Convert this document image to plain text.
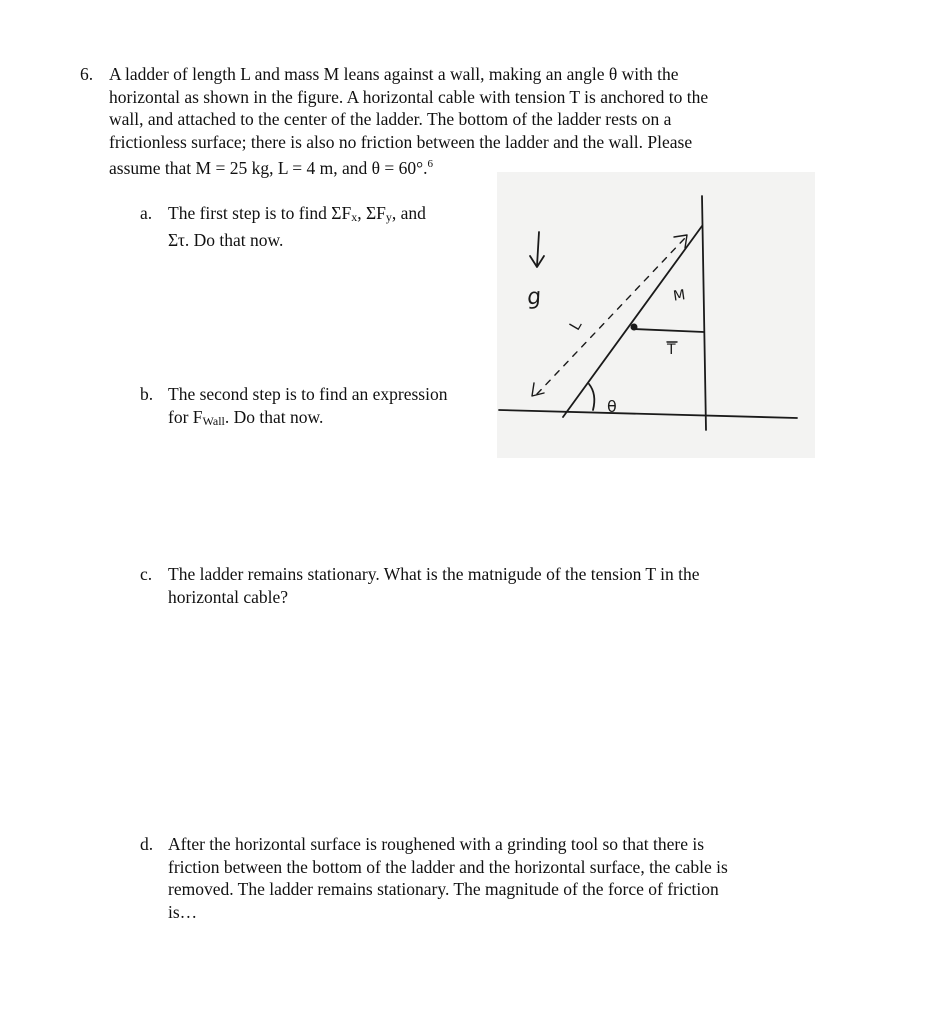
6. A ladder of length L and mass M leans against a wall, making an angle θ with the
horizontal as shown in the figure. A horizontal cable with tension T is anchored to the
wall, and attached to the center of the ladder. The bottom of the ladder rests on a
frictionless surface; there is also no friction between the ladder and the wall. Please
assume that M = 25 kg, L = 4 m, and θ = 60°.$^6$
a. The first step is to find $\Sigma F_x$, $\Sigma F_y$, and
Στ. Do that now.
b. The second step is to find an expression
for $F_{Wall}$. Do that now.
c. The ladder remains stationary. What is the matnigude of the tension T in the
horizontal cable?
d. After the horizontal surface is roughened with a grinding tool so that there is
friction between the bottom of the ladder and the horizontal surface, the cable is
removed. The ladder remains stationary. The magnitude of the force of friction
is…
g
L
M
T
θ
